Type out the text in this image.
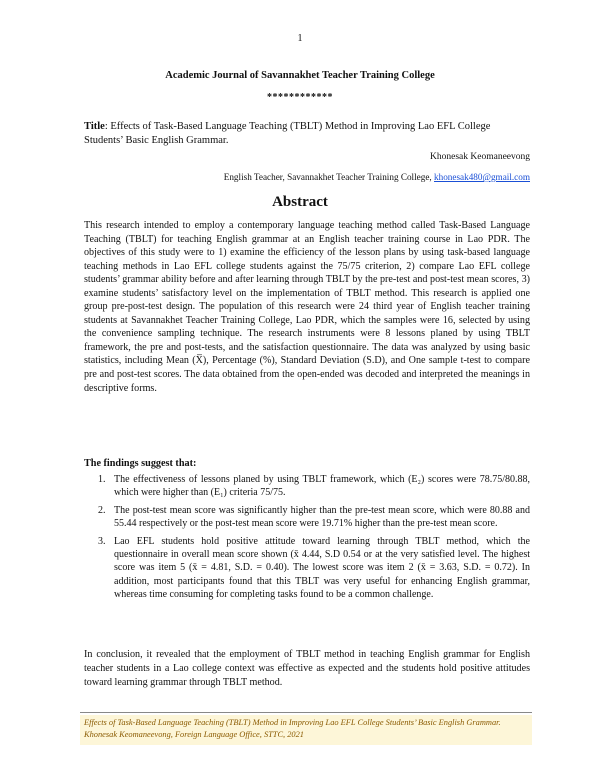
1
Academic Journal of Savannakhet Teacher Training College
************
Title: Effects of Task-Based Language Teaching (TBLT) Method in Improving Lao EFL College Students’ Basic English Grammar.
Khonesak Keomaneevong
English Teacher, Savannakhet Teacher Training College, khonesak480@gmail.com
Abstract

This research intended to employ a contemporary language teaching method called Task-Based Language Teaching (TBLT) for teaching English grammar at an English teacher training course in Lao PDR. The objectives of this study were to 1) examine the efficiency of the lesson plans by using task-based language teaching methods in Lao EFL college students against the 75/75 criterion, 2) compare Lao EFL college students’ grammar ability before and after learning through TBLT by the pre-test and post-test mean scores, 3) examine students’ satisfactory level on the implementation of TBLT method. This research is applied one group pre-post-test design. The population of this research were 24 third year of English teacher training students at Savannakhet Teacher Training College, Lao PDR, which the samples were 16, selected by using the convenience sampling technique. The research instruments were 8 lessons planed by using TBLT framework, the pre and post-tests, and the satisfaction questionnaire. The data was analyzed by using basic statistics, including Mean (X̅), Percentage (%), Standard Deviation (S.D), and One sample t-test to compare pre and post-test scores. The data obtained from the open-ended was decoded and interpreted the meanings in descriptive forms.

The findings suggest that:
1. The effectiveness of lessons planed by using TBLT framework, which (E₂) scores were 78.75/80.88, which were higher than (E₁) criteria 75/75.
2. The post-test mean score was significantly higher than the pre-test mean score, which were 80.88 and 55.44 respectively or the post-test mean score were 19.71% higher than the pre-test mean score.
3. Lao EFL students hold positive attitude toward learning through TBLT method, which the questionnaire in overall mean score shown (x̄ 4.44, S.D 0.54 or at the very satisfied level. The highest score was item 5 (x̄ = 4.81, S.D. = 0.40). The lowest score was item 2 (x̄ = 3.63, S.D. = 0.72). In addition, most participants found that this TBLT was very useful for enhancing English grammar, whereas time consuming for completing tasks found to be a common challenge.

In conclusion, it revealed that the employment of TBLT method in teaching English grammar for English teacher students in a Lao college context was effective as expected and the students hold positive attitudes toward learning grammar through TBLT method.

Effects of Task-Based Language Teaching (TBLT) Method in Improving Lao EFL College Students’ Basic English Grammar. Khonesak Keomaneevong, Foreign Language Office, STTC, 2021
